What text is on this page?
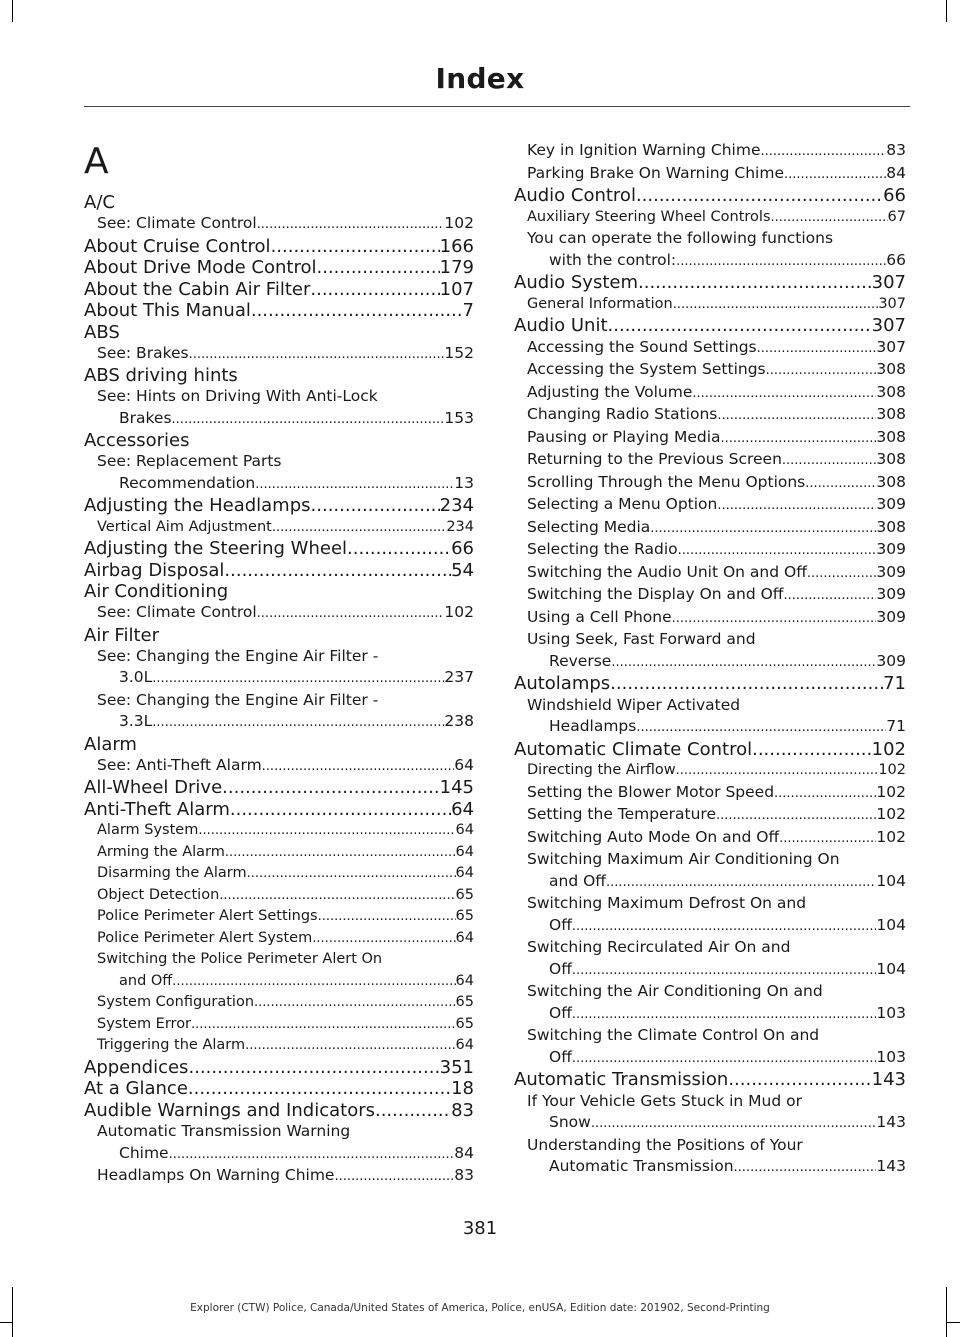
Index
A
A/C
See: Climate Control .....	102
About Cruise Control .....	166
About Drive Mode Control .....	179
About the Cabin Air Filter .....	107
About This Manual .....	7
ABS
See: Brakes .....	152
ABS driving hints
See: Hints on Driving With Anti-Lock
Brakes .....	153
Accessories
See: Replacement Parts
Recommendation .....	13
Adjusting the Headlamps .....	234
Vertical Aim Adjustment .....	234
Adjusting the Steering Wheel .....	66
Airbag Disposal .....	54
Air Conditioning
See: Climate Control .....	102
Air Filter
See: Changing the Engine Air Filter -
3.0L .....	237
See: Changing the Engine Air Filter -
3.3L .....	238
Alarm
See: Anti-Theft Alarm .....	64
All-Wheel Drive .....	145
Anti-Theft Alarm .....	64
Alarm System .....	64
Arming the Alarm .....	64
Disarming the Alarm .....	64
Object Detection .....	65
Police Perimeter Alert Settings .....	65
Police Perimeter Alert System .....	64
Switching the Police Perimeter Alert On
and Off .....	64
System Configuration .....	65
System Error .....	65
Triggering the Alarm .....	64
Appendices .....	351
At a Glance .....	18
Audible Warnings and Indicators .....	83
Automatic Transmission Warning
Chime .....	84
Headlamps On Warning Chime .....	83
Key in Ignition Warning Chime .....	83
Parking Brake On Warning Chime .....	84
Audio Control .....	66
Auxiliary Steering Wheel Controls .....	67
You can operate the following functions
with the control: .....	66
Audio System .....	307
General Information .....	307
Audio Unit .....	307
Accessing the Sound Settings .....	307
Accessing the System Settings .....	308
Adjusting the Volume .....	308
Changing Radio Stations .....	308
Pausing or Playing Media .....	308
Returning to the Previous Screen .....	308
Scrolling Through the Menu Options .....	308
Selecting a Menu Option .....	309
Selecting Media .....	308
Selecting the Radio .....	309
Switching the Audio Unit On and Off .....	309
Switching the Display On and Off .....	309
Using a Cell Phone .....	309
Using Seek, Fast Forward and
Reverse .....	309
Autolamps .....	71
Windshield Wiper Activated
Headlamps .....	71
Automatic Climate Control .....	102
Directing the Airflow .....	102
Setting the Blower Motor Speed .....	102
Setting the Temperature .....	102
Switching Auto Mode On and Off .....	102
Switching Maximum Air Conditioning On
and Off .....	104
Switching Maximum Defrost On and
Off .....	104
Switching Recirculated Air On and
Off .....	104
Switching the Air Conditioning On and
Off .....	103
Switching the Climate Control On and
Off .....	103
Automatic Transmission .....	143
If Your Vehicle Gets Stuck in Mud or
Snow .....	143
Understanding the Positions of Your
Automatic Transmission .....	143
381
Explorer (CTW) Police, Canada/United States of America, Police, enUSA, Edition date: 201902, Second-Printing
